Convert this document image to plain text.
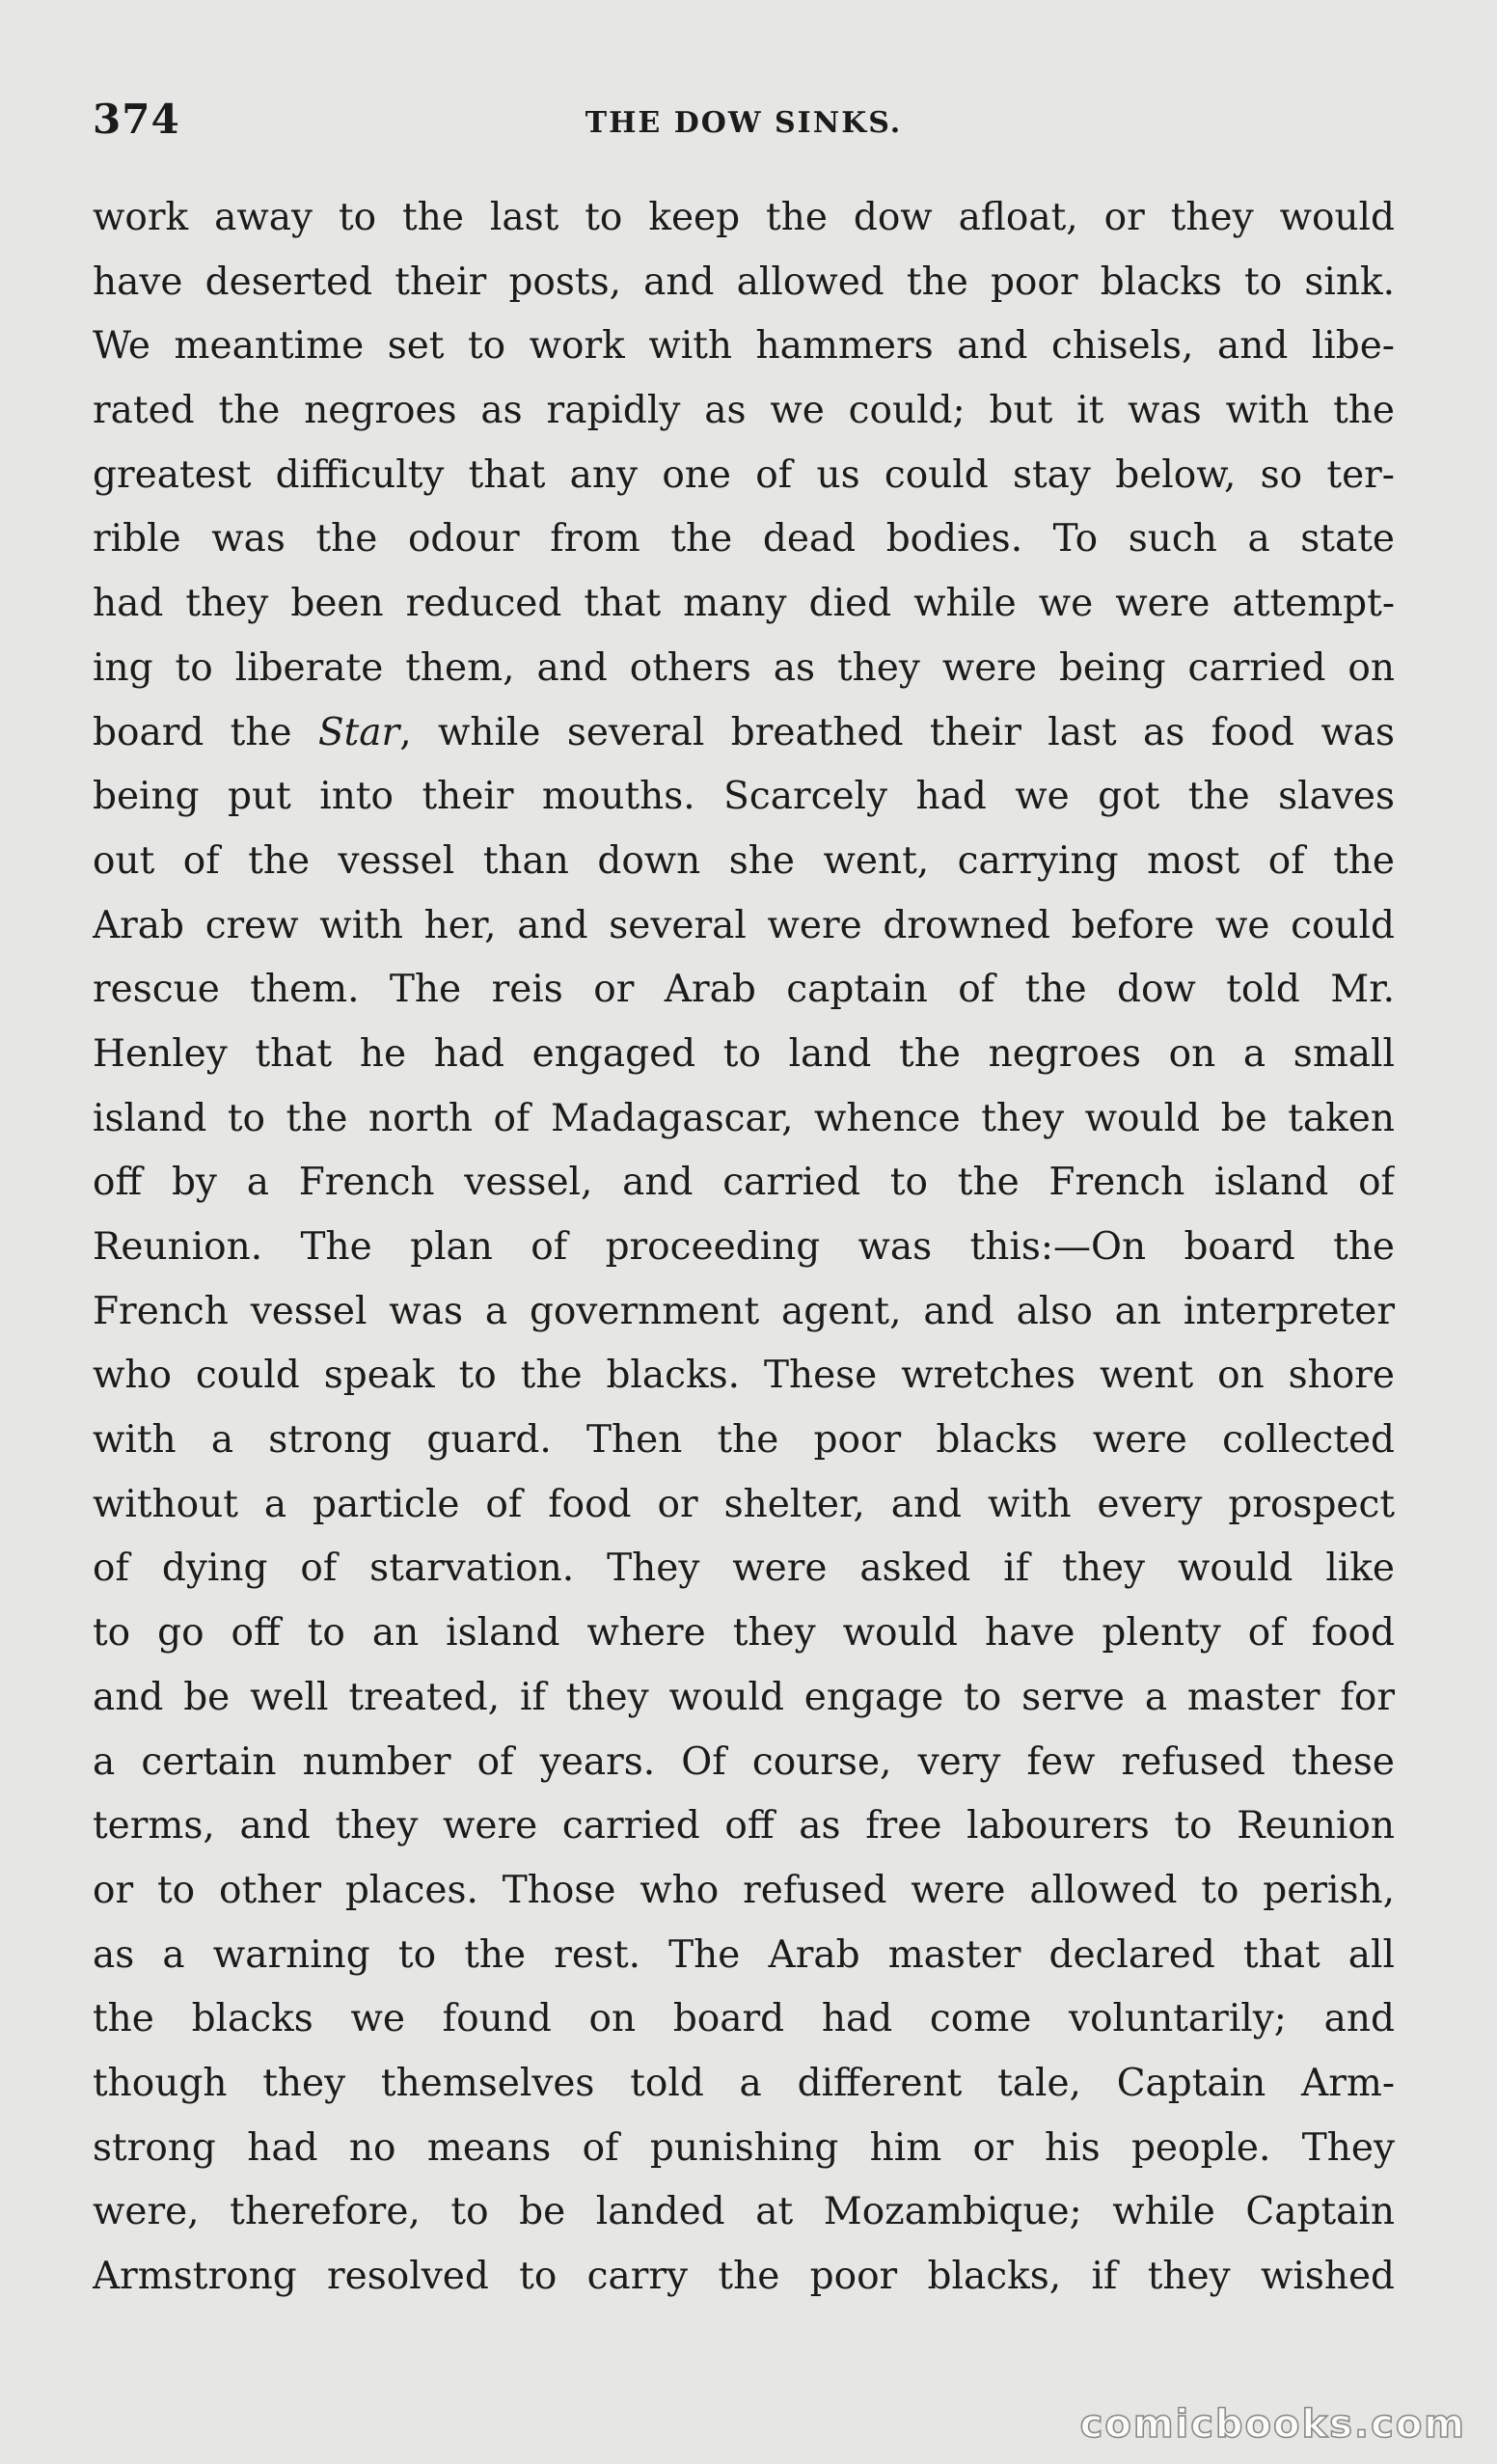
374	THE DOW SINKS.
work away to the last to keep the dow afloat, or they would
have deserted their posts, and allowed the poor blacks to sink.
We meantime set to work with hammers and chisels, and libe-
rated the negroes as rapidly as we could; but it was with the
greatest difficulty that any one of us could stay below, so ter-
rible was the odour from the dead bodies. To such a state
had they been reduced that many died while we were attempt-
ing to liberate them, and others as they were being carried on
board the Star, while several breathed their last as food was
being put into their mouths. Scarcely had we got the slaves
out of the vessel than down she went, carrying most of the
Arab crew with her, and several were drowned before we could
rescue them. The reis or Arab captain of the dow told Mr.
Henley that he had engaged to land the negroes on a small
island to the north of Madagascar, whence they would be taken
off by a French vessel, and carried to the French island of
Reunion. The plan of proceeding was this:—On board the
French vessel was a government agent, and also an interpreter
who could speak to the blacks. These wretches went on shore
with a strong guard. Then the poor blacks were collected
without a particle of food or shelter, and with every prospect
of dying of starvation. They were asked if they would like
to go off to an island where they would have plenty of food
and be well treated, if they would engage to serve a master for
a certain number of years. Of course, very few refused these
terms, and they were carried off as free labourers to Reunion
or to other places. Those who refused were allowed to perish,
as a warning to the rest. The Arab master declared that all
the blacks we found on board had come voluntarily; and
though they themselves told a different tale, Captain Arm-
strong had no means of punishing him or his people. They
were, therefore, to be landed at Mozambique; while Captain
Armstrong resolved to carry the poor blacks, if they wished
comicbooks.com
